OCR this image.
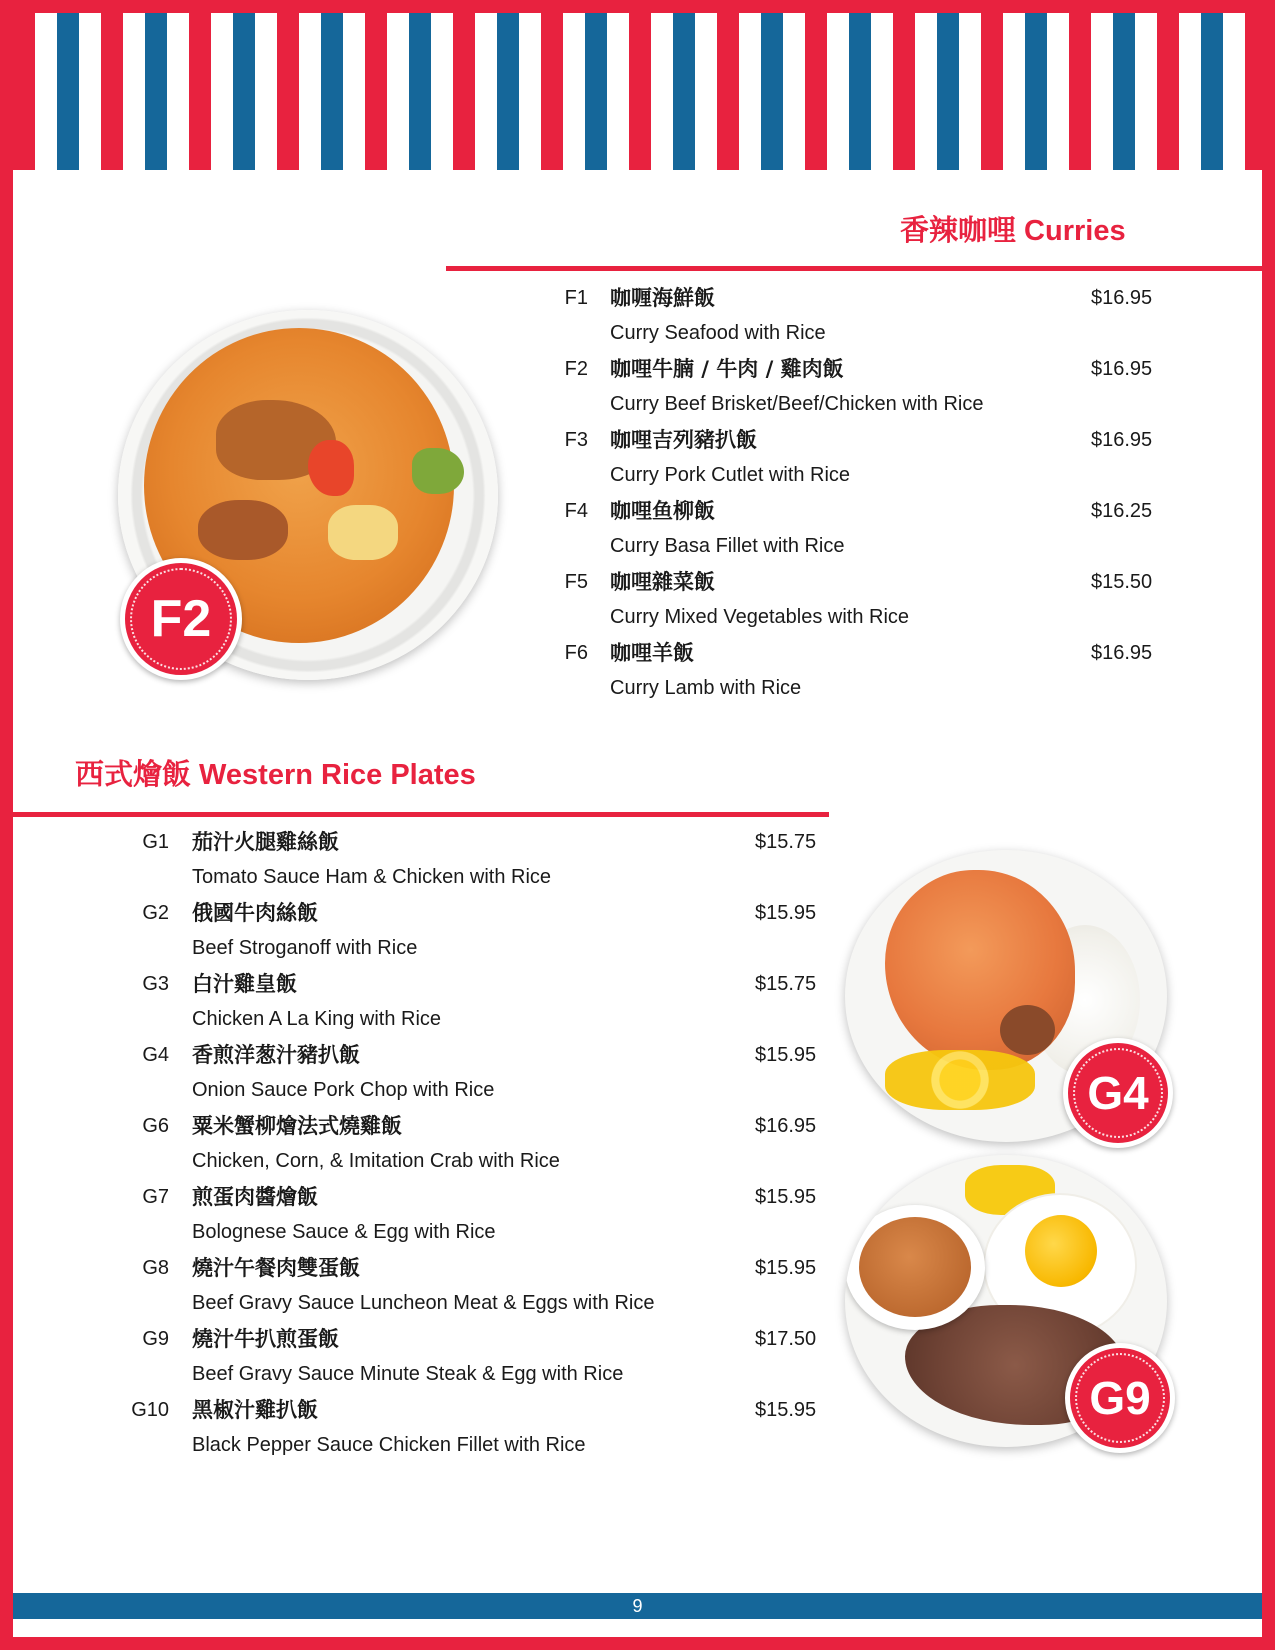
香辣咖哩 Curries
F1 咖喱海鮮飯
Curry Seafood with Rice
$16.95
F2 咖哩牛腩 / 牛肉 / 雞肉飯
Curry Beef Brisket/Beef/Chicken with Rice
$16.95
F3 咖哩吉列豬扒飯
Curry Pork Cutlet with Rice
$16.95
F4 咖哩鱼柳飯
Curry Basa Fillet with Rice
$16.25
F5 咖哩雜菜飯
Curry Mixed Vegetables with Rice
$15.50
F6 咖哩羊飯
Curry Lamb with Rice
$16.95
F2
西式燴飯 Western Rice Plates
G1 茄汁火腿雞絲飯
Tomato Sauce Ham & Chicken with Rice
$15.75
G2 俄國牛肉絲飯
Beef Stroganoff with Rice
$15.95
G3 白汁雞皇飯
Chicken A La King with Rice
$15.75
G4 香煎洋葱汁豬扒飯
Onion Sauce Pork Chop with Rice
$15.95
G6 粟米蟹柳燴法式燒雞飯
Chicken, Corn, & Imitation Crab with Rice
$16.95
G7 煎蛋肉醬燴飯
Bolognese Sauce & Egg with Rice
$15.95
G8 燒汁午餐肉雙蛋飯
Beef Gravy Sauce Luncheon Meat & Eggs with Rice
$15.95
G9 燒汁牛扒煎蛋飯
Beef Gravy Sauce Minute Steak & Egg with Rice
$17.50
G10 黑椒汁雞扒飯
Black Pepper Sauce Chicken Fillet with Rice
$15.95
G4
G9
9
